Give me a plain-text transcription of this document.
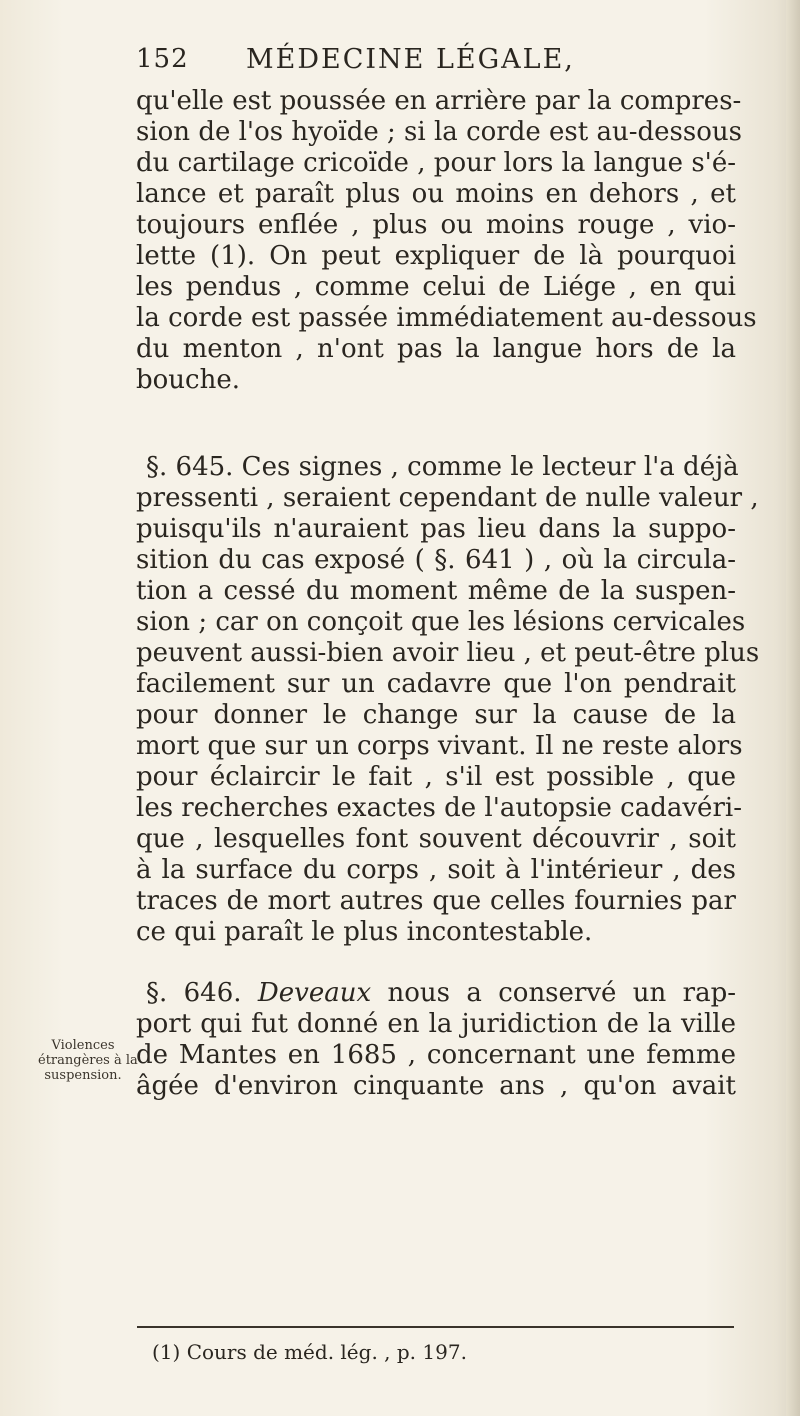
152 MÉDECINE LÉGALE,
qu'elle est poussée en arrière par la compres-
sion de l'os hyoïde ; si la corde est au-dessous
du cartilage cricoïde , pour lors la langue s'é-
lance et paraît plus ou moins en dehors , et
toujours enflée , plus ou moins rouge , vio-
lette (1). On peut expliquer de là pourquoi
les pendus , comme celui de Liége , en qui
la corde est passée immédiatement au-dessous
du menton , n'ont pas la langue hors de la
bouche.
§. 645. Ces signes , comme le lecteur l'a déjà
pressenti , seraient cependant de nulle valeur ,
puisqu'ils n'auraient pas lieu dans la suppo-
sition du cas exposé ( §. 641 ) , où la circula-
tion a cessé du moment même de la suspen-
sion ; car on conçoit que les lésions cervicales
peuvent aussi-bien avoir lieu , et peut-être plus
facilement sur un cadavre que l'on pendrait
pour donner le change sur la cause de la
mort que sur un corps vivant. Il ne reste alors
pour éclaircir le fait , s'il est possible , que
les recherches exactes de l'autopsie cadavéri-
que , lesquelles font souvent découvrir , soit
à la surface du corps , soit à l'intérieur , des
traces de mort autres que celles fournies par
ce qui paraît le plus incontestable.
§. 646. Deveaux nous a conservé un rap-
port qui fut donné en la juridiction de la ville
de Mantes en 1685 , concernant une femme
âgée d'environ cinquante ans , qu'on avait
Violences
étrangères à la
suspension.
(1) Cours de méd. lég. , p. 197.
